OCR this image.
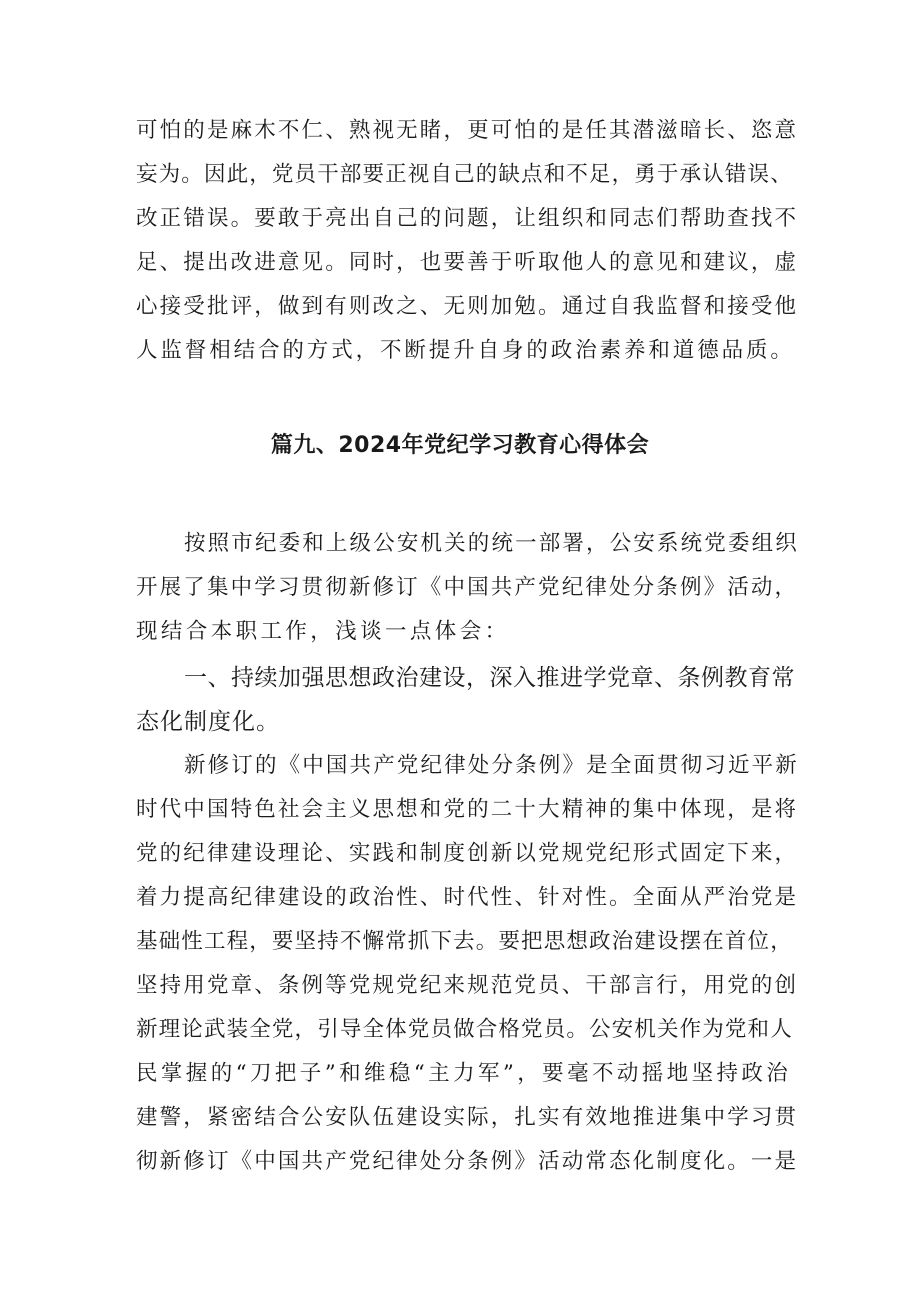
可怕的是麻木不仁、熟视无睹，更可怕的是任其潜滋暗长、恣意
妄为。因此，党员干部要正视自己的缺点和不足，勇于承认错误、
改正错误。要敢于亮出自己的问题，让组织和同志们帮助查找不
足、提出改进意见。同时，也要善于听取他人的意见和建议，虚
心接受批评，做到有则改之、无则加勉。通过自我监督和接受他
人监督相结合的方式，不断提升自身的政治素养和道德品质。
篇九、2024年党纪学习教育心得体会
按照市纪委和上级公安机关的统一部署，公安系统党委组织
开展了集中学习贯彻新修订《中国共产党纪律处分条例》活动，
现结合本职工作，浅谈一点体会：
一、持续加强思想政治建设，深入推进学党章、条例教育常
态化制度化。
新修订的《中国共产党纪律处分条例》是全面贯彻习近平新
时代中国特色社会主义思想和党的二十大精神的集中体现，是将
党的纪律建设理论、实践和制度创新以党规党纪形式固定下来，
着力提高纪律建设的政治性、时代性、针对性。全面从严治党是
基础性工程，要坚持不懈常抓下去。要把思想政治建设摆在首位，
坚持用党章、条例等党规党纪来规范党员、干部言行，用党的创
新理论武装全党，引导全体党员做合格党员。公安机关作为党和人
民掌握的“刀把子”和维稳“主力军”，要毫不动摇地坚持政治
建警，紧密结合公安队伍建设实际，扎实有效地推进集中学习贯
彻新修订《中国共产党纪律处分条例》活动常态化制度化。一是
